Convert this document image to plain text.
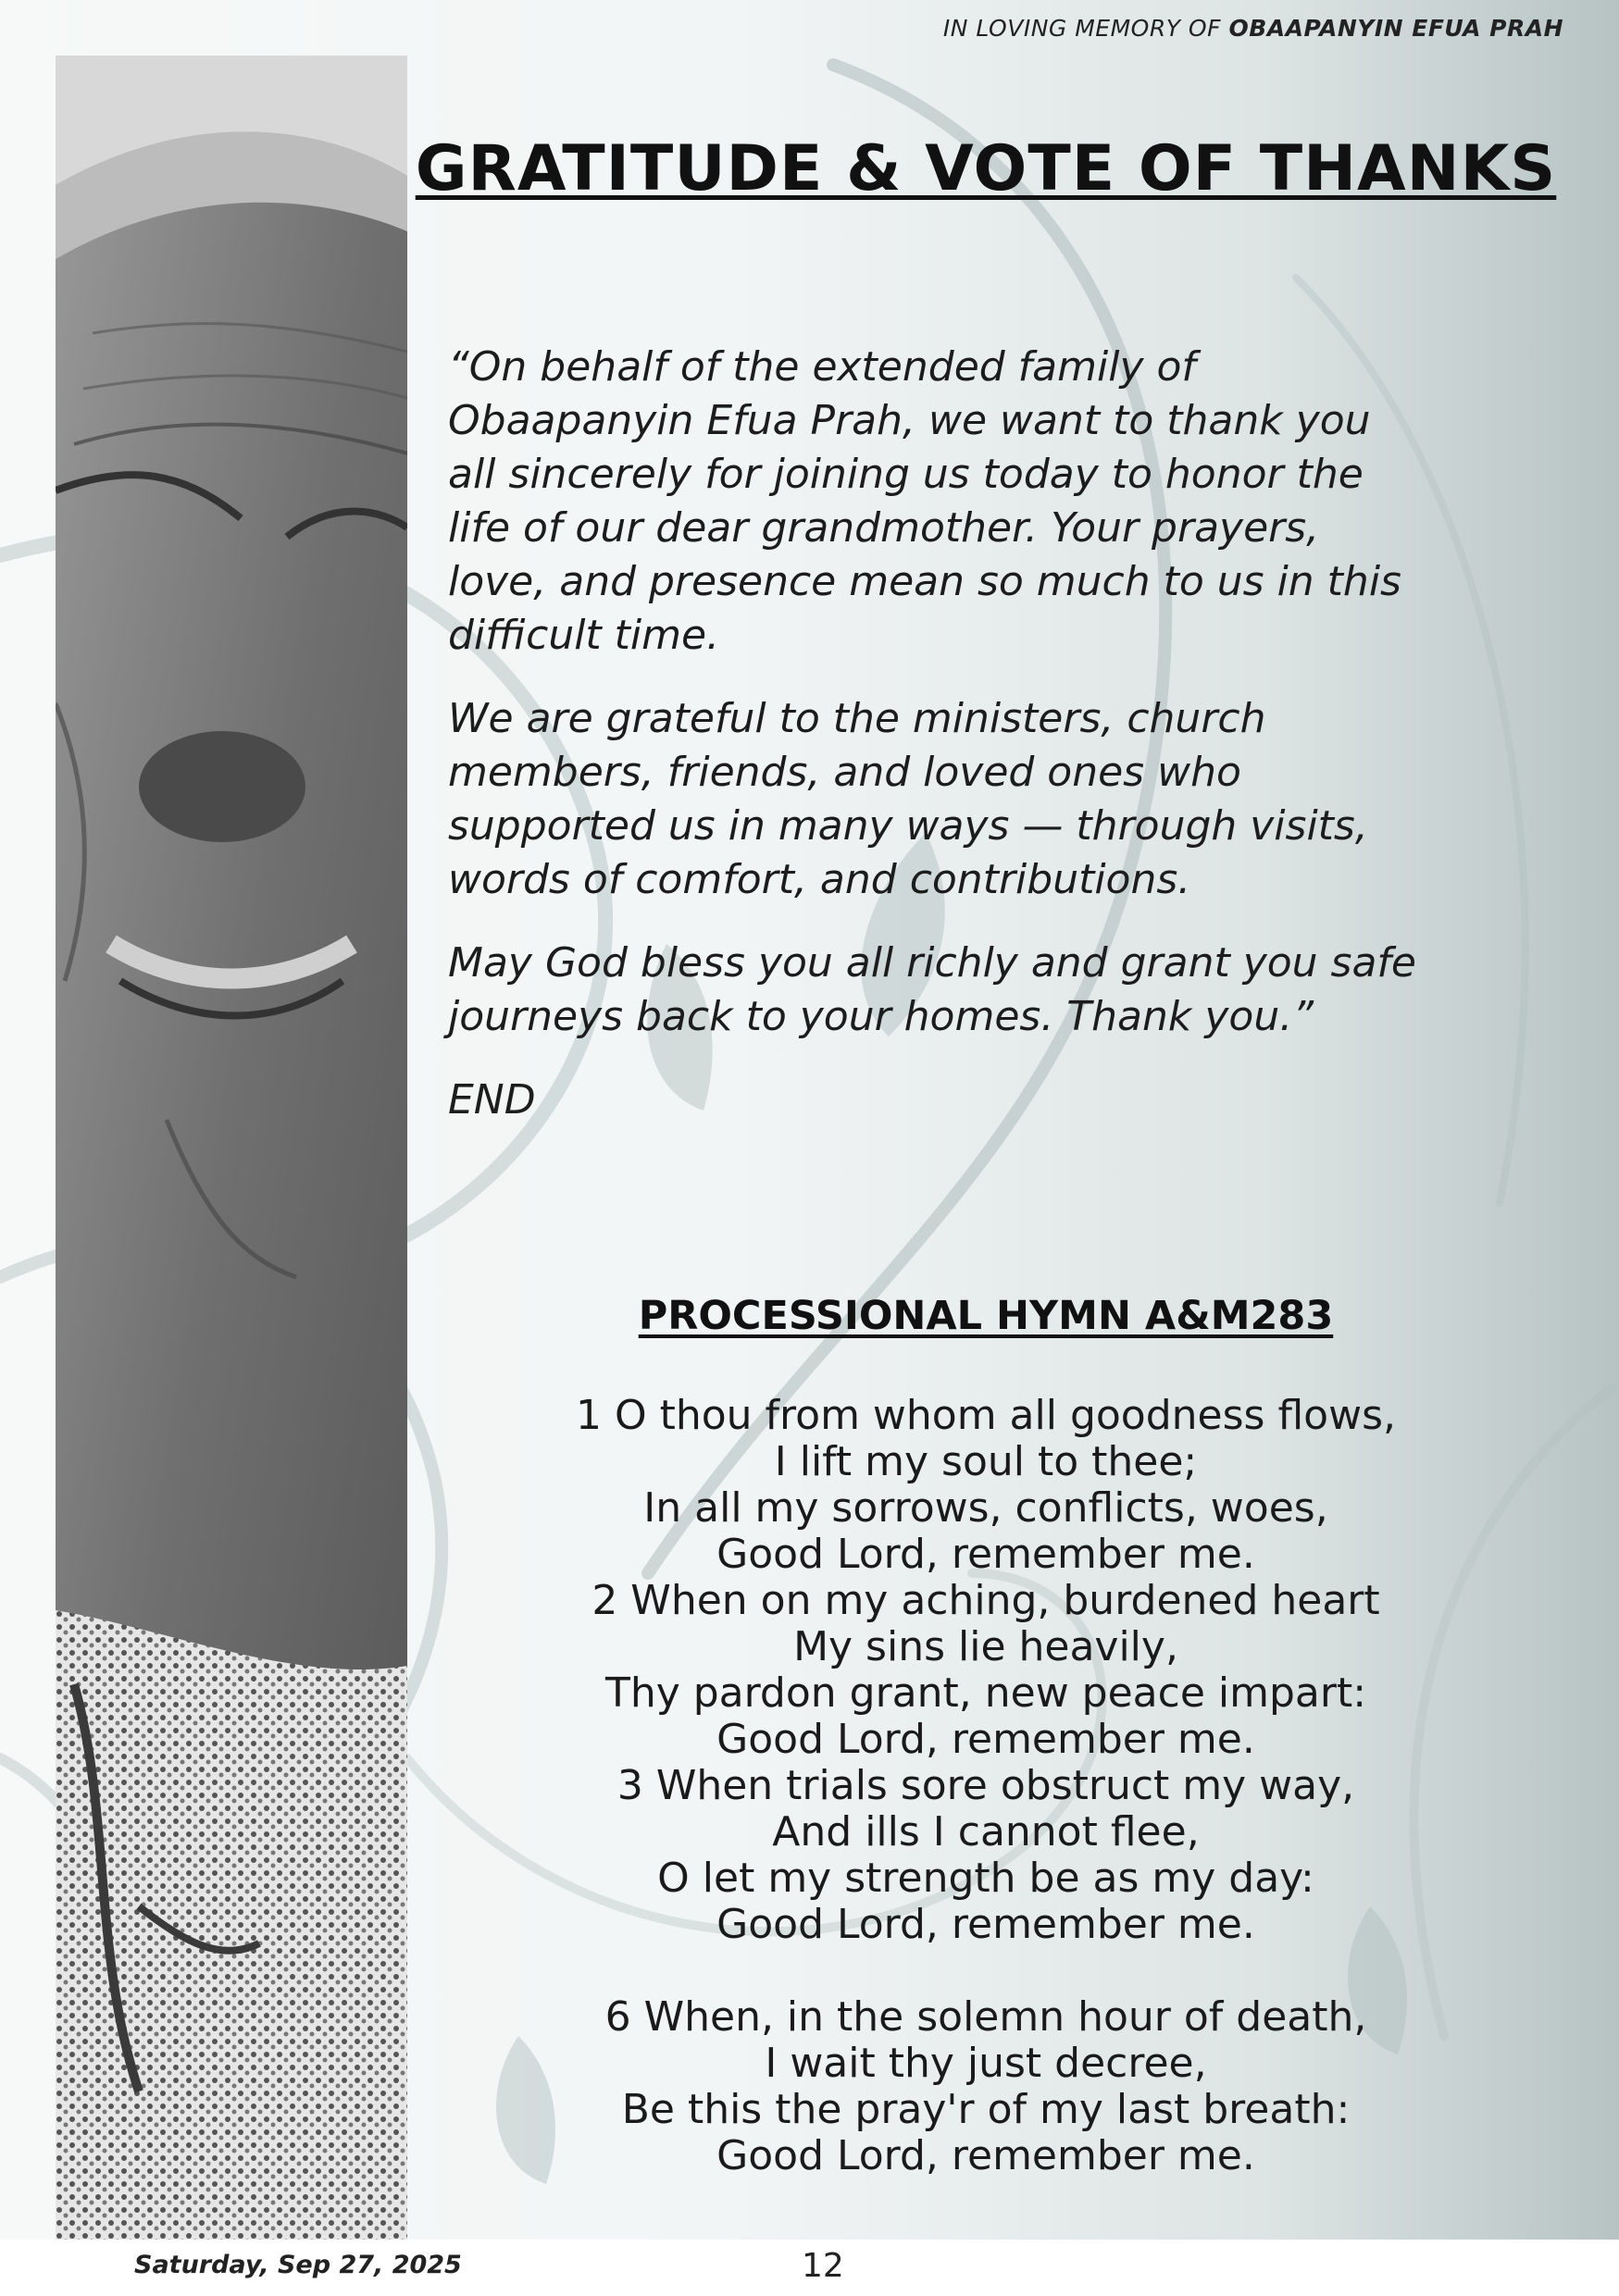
IN LOVING MEMORY OF OBAAPANYIN EFUA PRAH
GRATITUDE & VOTE OF THANKS

“On behalf of the extended family of
Obaapanyin Efua Prah, we want to thank you
all sincerely for joining us today to honor the
life of our dear grandmother. Your prayers,
love, and presence mean so much to us in this
difficult time.

We are grateful to the ministers, church
members, friends, and loved ones who
supported us in many ways — through visits,
words of comfort, and contributions.

May God bless you all richly and grant you safe
journeys back to your homes. Thank you.”

END

PROCESSIONAL HYMN A&M283
1 O thou from whom all goodness flows,
I lift my soul to thee;
In all my sorrows, conflicts, woes,
Good Lord, remember me.
2 When on my aching, burdened heart
My sins lie heavily,
Thy pardon grant, new peace impart:
Good Lord, remember me.
3 When trials sore obstruct my way,
And ills I cannot flee,
O let my strength be as my day:
Good Lord, remember me.
6 When, in the solemn hour of death,
I wait thy just decree,
Be this the pray'r of my last breath:
Good Lord, remember me.
Saturday, Sep 27, 2025	12
